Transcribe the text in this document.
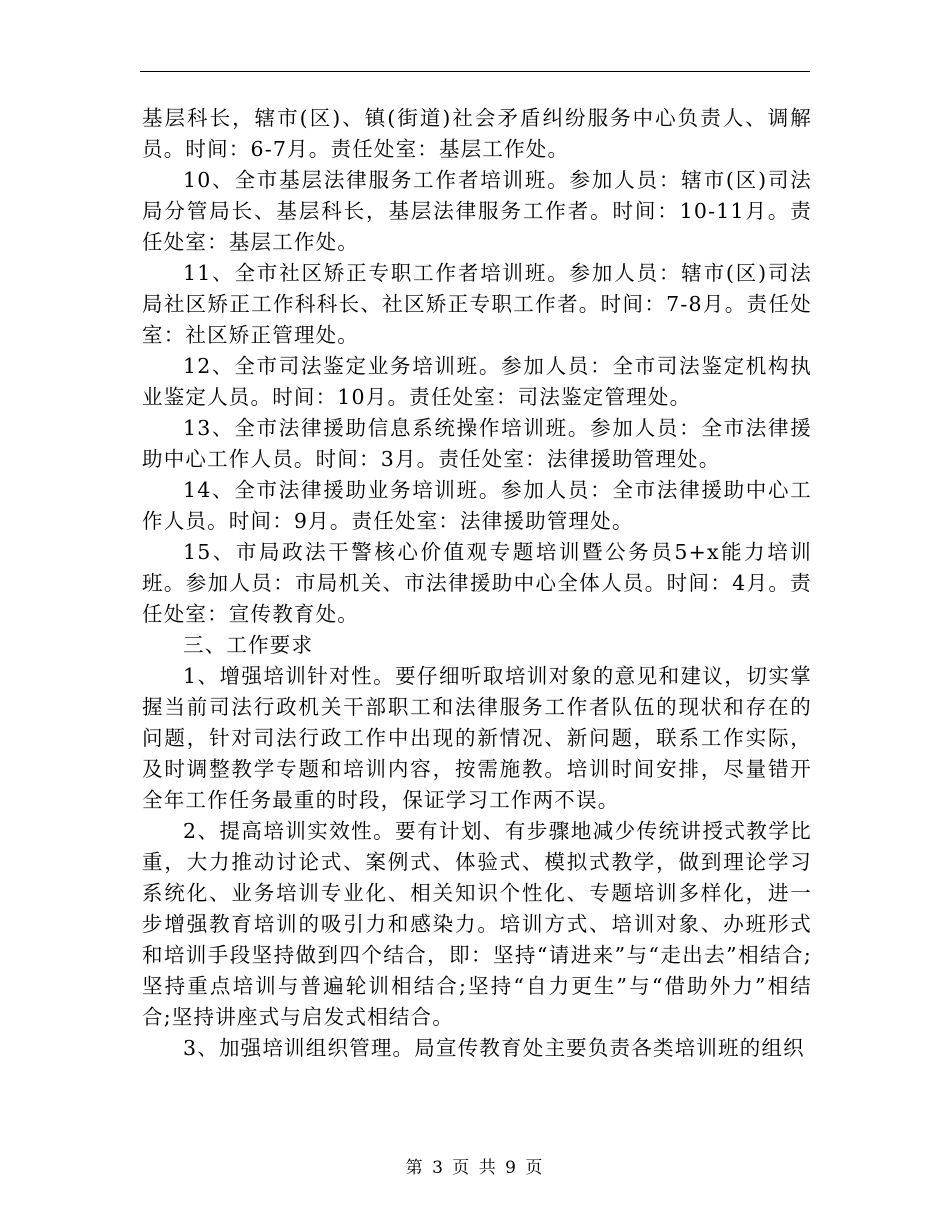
基层科长，辖市(区)、镇(街道)社会矛盾纠纷服务中心负责人、调解员。时间：6-7月。责任处室：基层工作处。

10、全市基层法律服务工作者培训班。参加人员：辖市(区)司法局分管局长、基层科长，基层法律服务工作者。时间：10-11月。责任处室：基层工作处。

11、全市社区矫正专职工作者培训班。参加人员：辖市(区)司法局社区矫正工作科科长、社区矫正专职工作者。时间：7-8月。责任处室：社区矫正管理处。

12、全市司法鉴定业务培训班。参加人员：全市司法鉴定机构执业鉴定人员。时间：10月。责任处室：司法鉴定管理处。

13、全市法律援助信息系统操作培训班。参加人员：全市法律援助中心工作人员。时间：3月。责任处室：法律援助管理处。

14、全市法律援助业务培训班。参加人员：全市法律援助中心工作人员。时间：9月。责任处室：法律援助管理处。

15、市局政法干警核心价值观专题培训暨公务员5+x能力培训班。参加人员：市局机关、市法律援助中心全体人员。时间：4月。责任处室：宣传教育处。

三、工作要求

1、增强培训针对性。要仔细听取培训对象的意见和建议，切实掌握当前司法行政机关干部职工和法律服务工作者队伍的现状和存在的问题，针对司法行政工作中出现的新情况、新问题，联系工作实际，及时调整教学专题和培训内容，按需施教。培训时间安排，尽量错开全年工作任务最重的时段，保证学习工作两不误。

2、提高培训实效性。要有计划、有步骤地减少传统讲授式教学比重，大力推动讨论式、案例式、体验式、模拟式教学，做到理论学习系统化、业务培训专业化、相关知识个性化、专题培训多样化，进一步增强教育培训的吸引力和感染力。培训方式、培训对象、办班形式和培训手段坚持做到四个结合，即：坚持“请进来”与“走出去”相结合;坚持重点培训与普遍轮训相结合;坚持“自力更生”与“借助外力”相结合;坚持讲座式与启发式相结合。

3、加强培训组织管理。局宣传教育处主要负责各类培训班的组织

第 3 页 共 9 页
